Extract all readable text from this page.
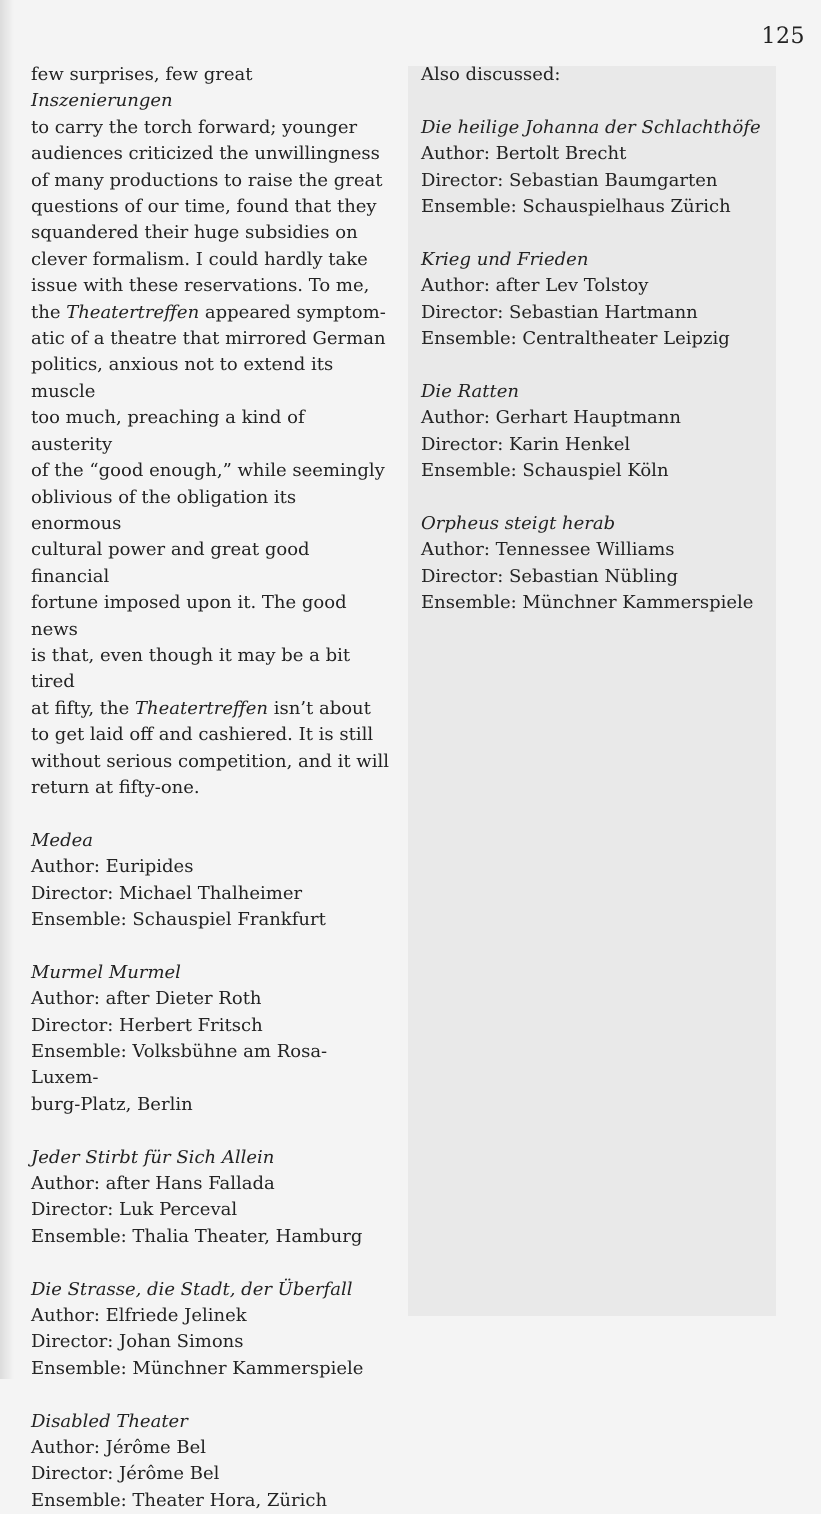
125
few surprises, few great Inszenierungen
to carry the torch forward; younger
audiences criticized the unwillingness
of many productions to raise the great
questions of our time, found that they
squandered their huge subsidies on
clever formalism. I could hardly take
issue with these reservations. To me,
the Theatertreffen appeared symptom-
atic of a theatre that mirrored German
politics, anxious not to extend its muscle
too much, preaching a kind of austerity
of the “good enough,” while seemingly
oblivious of the obligation its enormous
cultural power and great good financial
fortune imposed upon it. The good news
is that, even though it may be a bit tired
at fifty, the Theatertreffen isn’t about
to get laid off and cashiered. It is still
without serious competition, and it will
return at fifty-one.

Medea

Author: Euripides

Director: Michael Thalheimer

Ensemble: Schauspiel Frankfurt

Murmel Murmel

Author: after Dieter Roth

Director: Herbert Fritsch

Ensemble: Volksbühne am Rosa-Luxem-

burg-Platz, Berlin

Jeder Stirbt für Sich Allein

Author: after Hans Fallada

Director: Luk Perceval

Ensemble: Thalia Theater, Hamburg

Die Strasse, die Stadt, der Überfall

Author: Elfriede Jelinek

Director: Johan Simons

Ensemble: Münchner Kammerspiele

Disabled Theater

Author: Jérôme Bel

Director: Jérôme Bel

Ensemble: Theater Hora, Zürich

Also discussed:

Die heilige Johanna der Schlachthöfe

Author: Bertolt Brecht

Director: Sebastian Baumgarten

Ensemble: Schauspielhaus Zürich

Krieg und Frieden

Author: after Lev Tolstoy

Director: Sebastian Hartmann

Ensemble: Centraltheater Leipzig

Die Ratten

Author: Gerhart Hauptmann

Director: Karin Henkel

Ensemble: Schauspiel Köln

Orpheus steigt herab

Author: Tennessee Williams

Director: Sebastian Nübling

Ensemble: Münchner Kammerspiele
